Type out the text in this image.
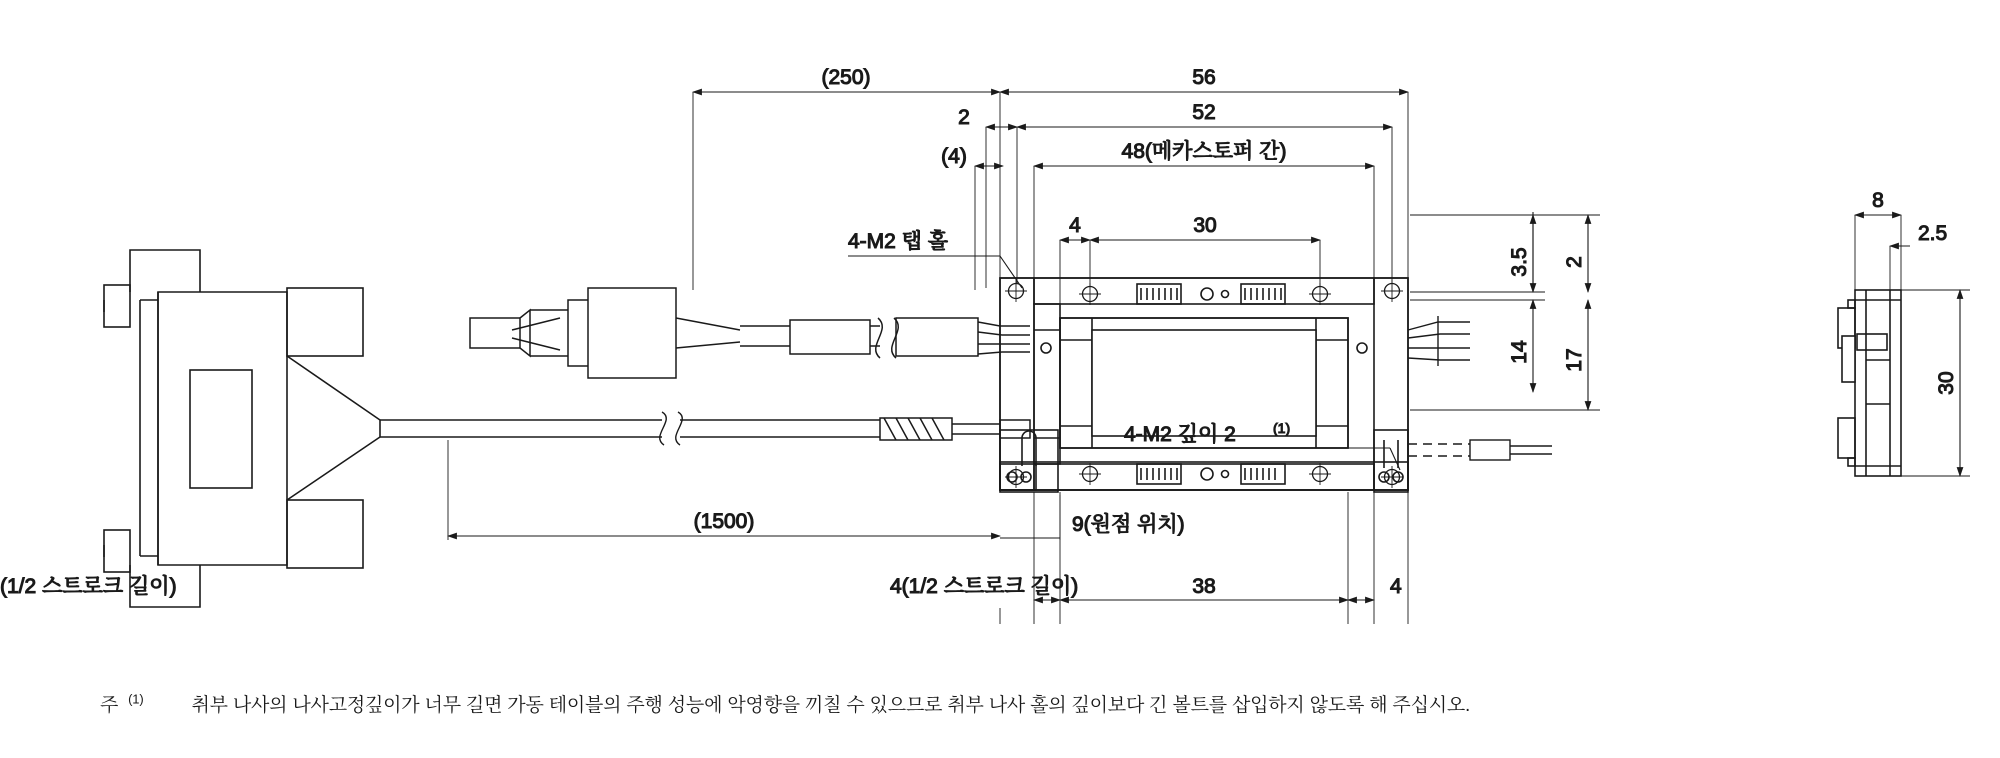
(250)	56
52
2
(4)	48(메카스토퍼 간)
30
4
4-M2 탭 홀
4-M2 깊이 2	(1)
3.5
14
2
17
(1500)	9(원점 위치)
4(1/2 스트로크 길이)	38	4(1/2 스트로크 길이)
8
2.5
30
주 $^{(1)}$	취부 나사의 나사고정깊이가 너무 길면 가동 테이블의 주행 성능에 악영향을 끼칠 수 있으므로 취부 나사 홀의 깊이보다 긴 볼트를 삽입하지 않도록 해 주십시오.
